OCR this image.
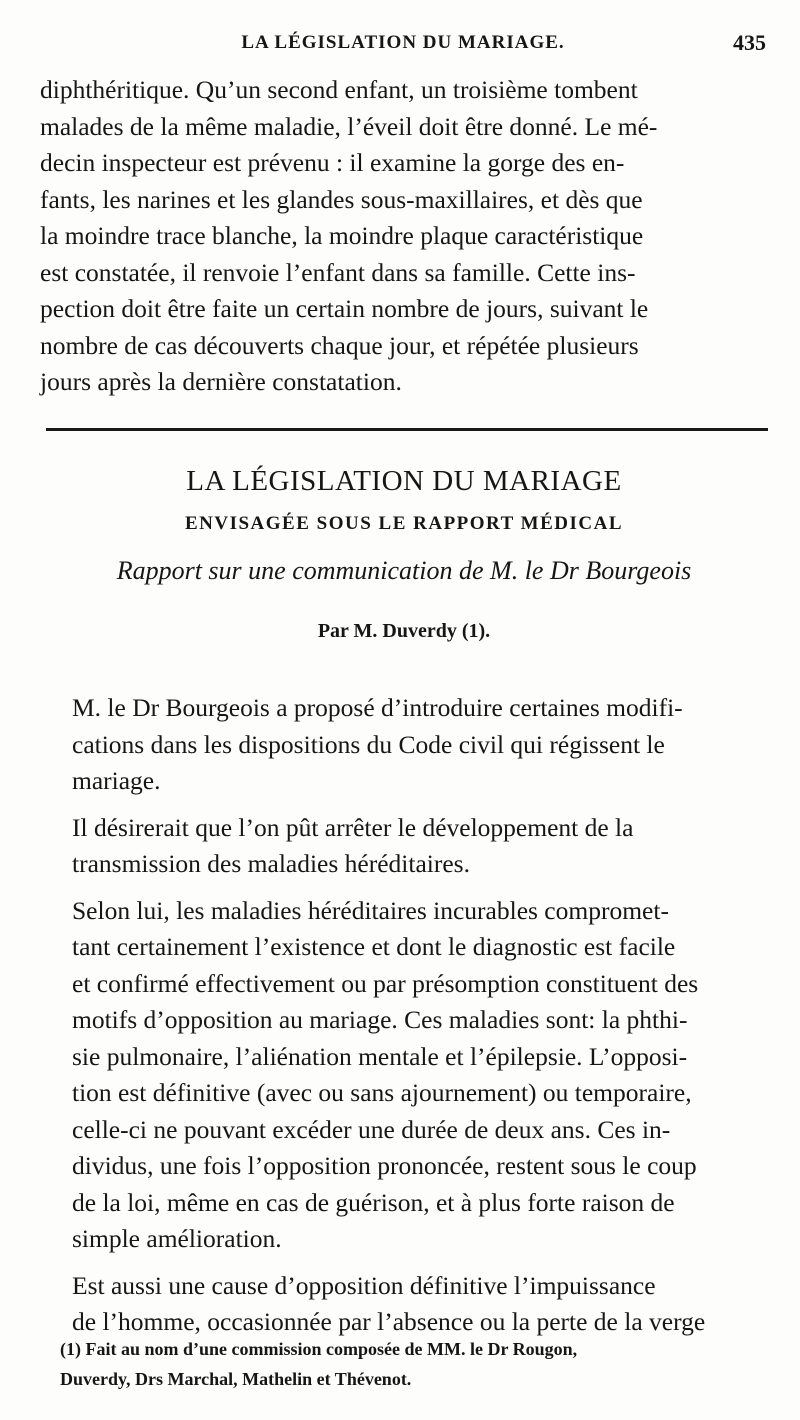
LA LÉGISLATION DU MARIAGE.	435

diphthéritique. Qu’un second enfant, un troisième tombent
malades de la même maladie, l’éveil doit être donné. Le mé-
decin inspecteur est prévenu : il examine la gorge des en-
fants, les narines et les glandes sous-maxillaires, et dès que
la moindre trace blanche, la moindre plaque caractéristique
est constatée, il renvoie l’enfant dans sa famille. Cette ins-
pection doit être faite un certain nombre de jours, suivant le
nombre de cas découverts chaque jour, et répétée plusieurs
jours après la dernière constatation.

LA LÉGISLATION DU MARIAGE
ENVISAGÉE SOUS LE RAPPORT MÉDICAL
Rapport sur une communication de M. le Dr Bourgeois
Par M. Duverdy (1).

M. le Dr Bourgeois a proposé d’introduire certaines modifi-
cations dans les dispositions du Code civil qui régissent le
mariage.

Il désirerait que l’on pût arrêter le développement de la
transmission des maladies héréditaires.

Selon lui, les maladies héréditaires incurables compromet-
tant certainement l’existence et dont le diagnostic est facile
et confirmé effectivement ou par présomption constituent des
motifs d’opposition au mariage. Ces maladies sont: la phthi-
sie pulmonaire, l’aliénation mentale et l’épilepsie. L’opposi-
tion est définitive (avec ou sans ajournement) ou temporaire,
celle-ci ne pouvant excéder une durée de deux ans. Ces in-
dividus, une fois l’opposition prononcée, restent sous le coup
de la loi, même en cas de guérison, et à plus forte raison de
simple amélioration.

Est aussi une cause d’opposition définitive l’impuissance
de l’homme, occasionnée par l’absence ou la perte de la verge

(1) Fait au nom d’une commission composée de MM. le Dr Rougon,
Duverdy, Drs Marchal, Mathelin et Thévenot.
